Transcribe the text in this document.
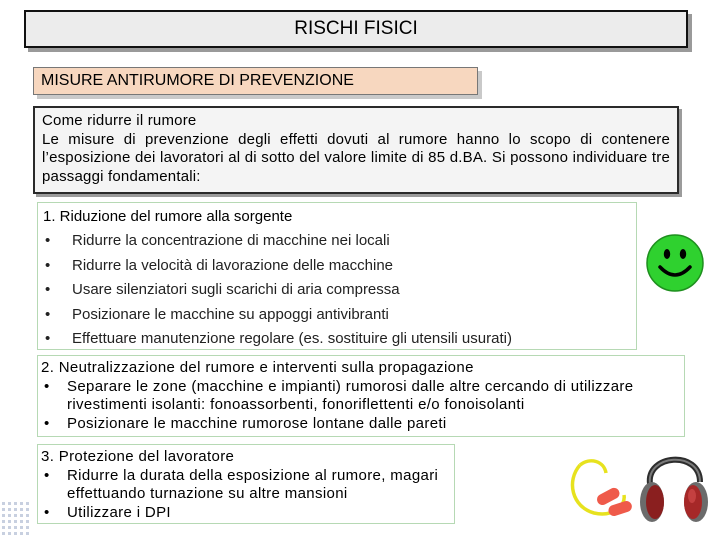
RISCHI FISICI
MISURE ANTIRUMORE DI PREVENZIONE
Come ridurre il rumore

Le misure di prevenzione degli effetti dovuti al rumore hanno lo scopo di contenere l’esposizione dei lavoratori al di sotto del valore limite di 85 d.BA. Si possono individuare tre passaggi fondamentali:

1. Riduzione del rumore alla sorgente
•	Ridurre la concentrazione di macchine nei locali
•	Ridurre la velocità di lavorazione delle macchine
•	Usare silenziatori sugli scarichi di aria compressa
•	Posizionare le macchine su appoggi antivibranti
•	Effettuare manutenzione regolare (es. sostituire gli utensili usurati)
2. Neutralizzazione del rumore e interventi sulla propagazione
•	Separare le zone (macchine e impianti) rumorosi dalle altre cercando di utilizzare rivestimenti isolanti: fonoassorbenti, fonoriflettenti e/o fonoisolanti
•	Posizionare le macchine rumorose lontane dalle pareti
3. Protezione del lavoratore
•	Ridurre la durata della esposizione al rumore, magari effettuando turnazione su altre mansioni
•	Utilizzare i DPI
